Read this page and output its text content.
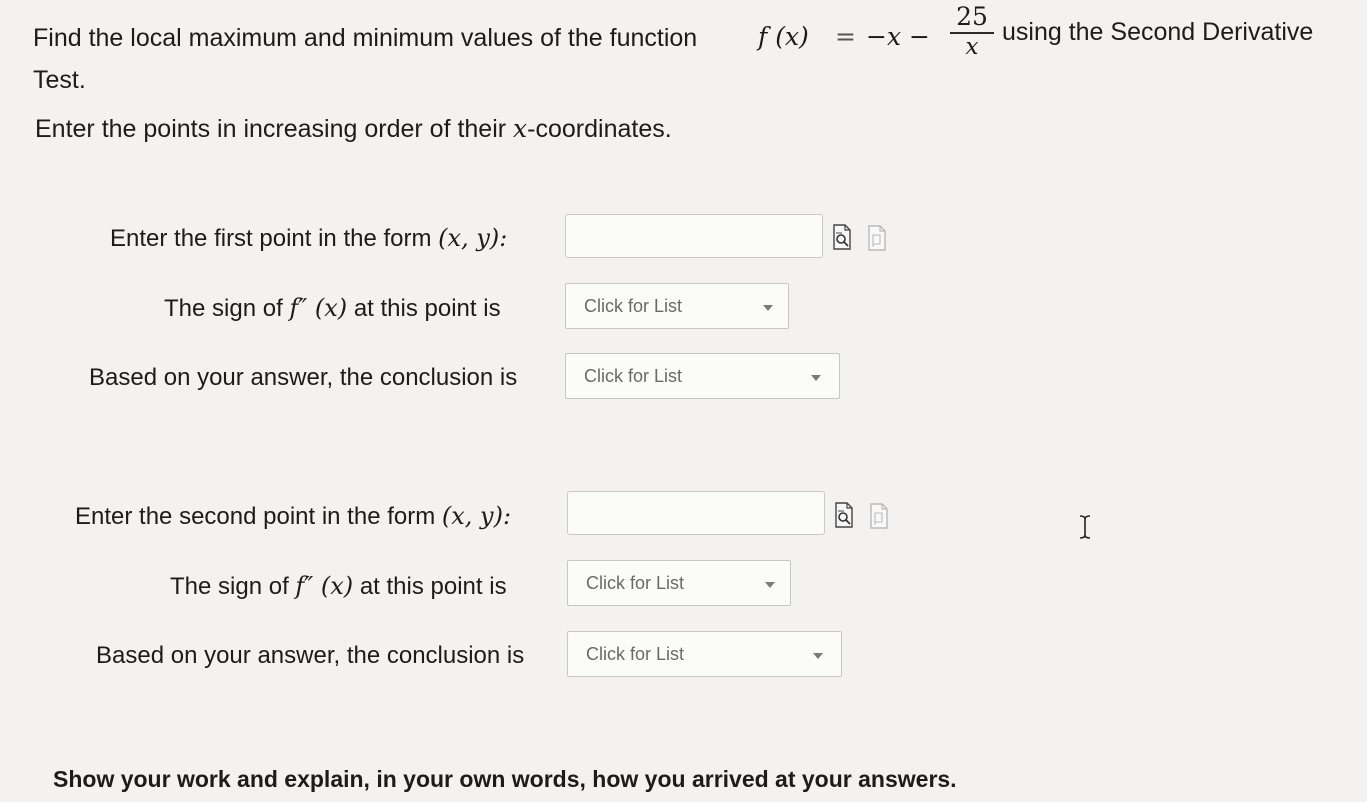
Find the local maximum and minimum values of the function f (x) = −x −
25
x
using the Second Derivative
Test.
Enter the points in increasing order of their x-coordinates.
Enter the first point in the form (x, y):
The sign of f″ (x) at this point is	Click for List
Based on your answer, the conclusion is	Click for List
Enter the second point in the form (x, y):
The sign of f″ (x) at this point is	Click for List
Based on your answer, the conclusion is	Click for List
Show your work and explain, in your own words, how you arrived at your answers.
